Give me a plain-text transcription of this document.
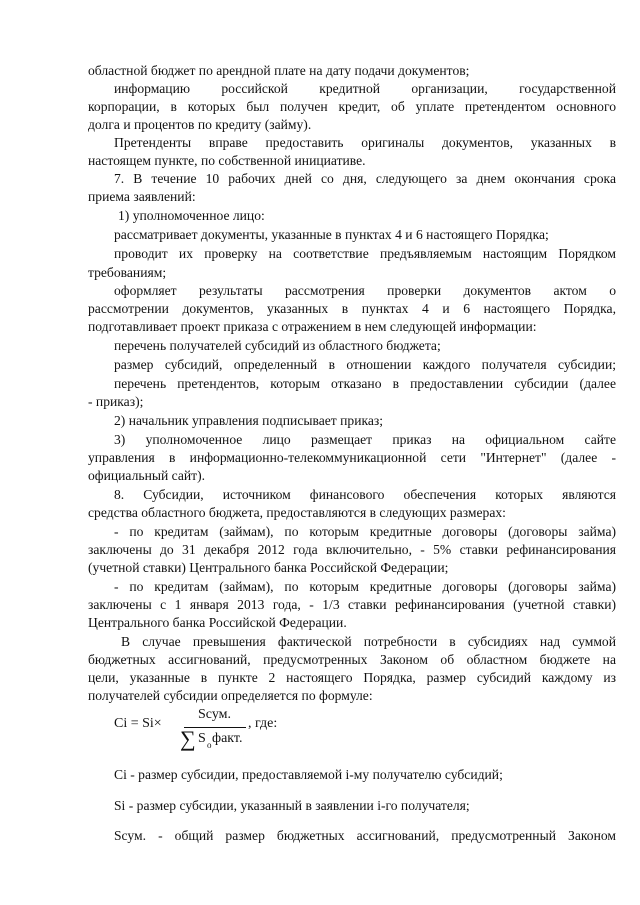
областной бюджет по арендной плате на дату подачи документов;
информацию российской кредитной организации, государственной
корпорации, в которых был получен кредит, об уплате претендентом основного
долга и процентов по кредиту (займу).
Претенденты вправе предоставить оригиналы документов, указанных в
настоящем пункте, по собственной инициативе.
7. В течение 10 рабочих дней со дня, следующего за днем окончания срока
приема заявлений:
1) уполномоченное лицо:
рассматривает документы, указанные в пунктах 4 и 6 настоящего Порядка;
проводит их проверку на соответствие предъявляемым настоящим Порядком
требованиям;
оформляет результаты рассмотрения проверки документов актом о
рассмотрении документов, указанных в пунктах 4 и 6 настоящего Порядка,
подготавливает проект приказа с отражением в нем следующей информации:
перечень получателей субсидий из областного бюджета;
размер субсидий, определенный в отношении каждого получателя субсидии;
перечень претендентов, которым отказано в предоставлении субсидии (далее
- приказ);
2) начальник управления подписывает приказ;
3) уполномоченное лицо размещает приказ на официальном сайте
управления в информационно-телекоммуникационной сети "Интернет" (далее -
официальный сайт).
8. Субсидии, источником финансового обеспечения которых являются
средства областного бюджета, предоставляются в следующих размерах:
- по кредитам (займам), по которым кредитные договоры (договоры займа)
заключены до 31 декабря 2012 года включительно, - 5% ставки рефинансирования
(учетной ставки) Центрального банка Российской Федерации;
- по кредитам (займам), по которым кредитные договоры (договоры займа)
заключены с 1 января 2013 года, - 1/3 ставки рефинансирования (учетной ставки)
Центрального банка Российской Федерации.
В случае превышения фактической потребности в субсидиях над суммой
бюджетных ассигнований, предусмотренных Законом об областном бюджете на
цели, указанные в пункте 2 настоящего Порядка, размер субсидий каждому из
получателей субсидии определяется по формуле:
Ci = Si×
Sсум.
∑ S o факт.
, где:
Ci - размер субсидии, предоставляемой i-му получателю субсидий;
Si - размер субсидии, указанный в заявлении i-го получателя;
Sсум. - общий размер бюджетных ассигнований, предусмотренный Законом
